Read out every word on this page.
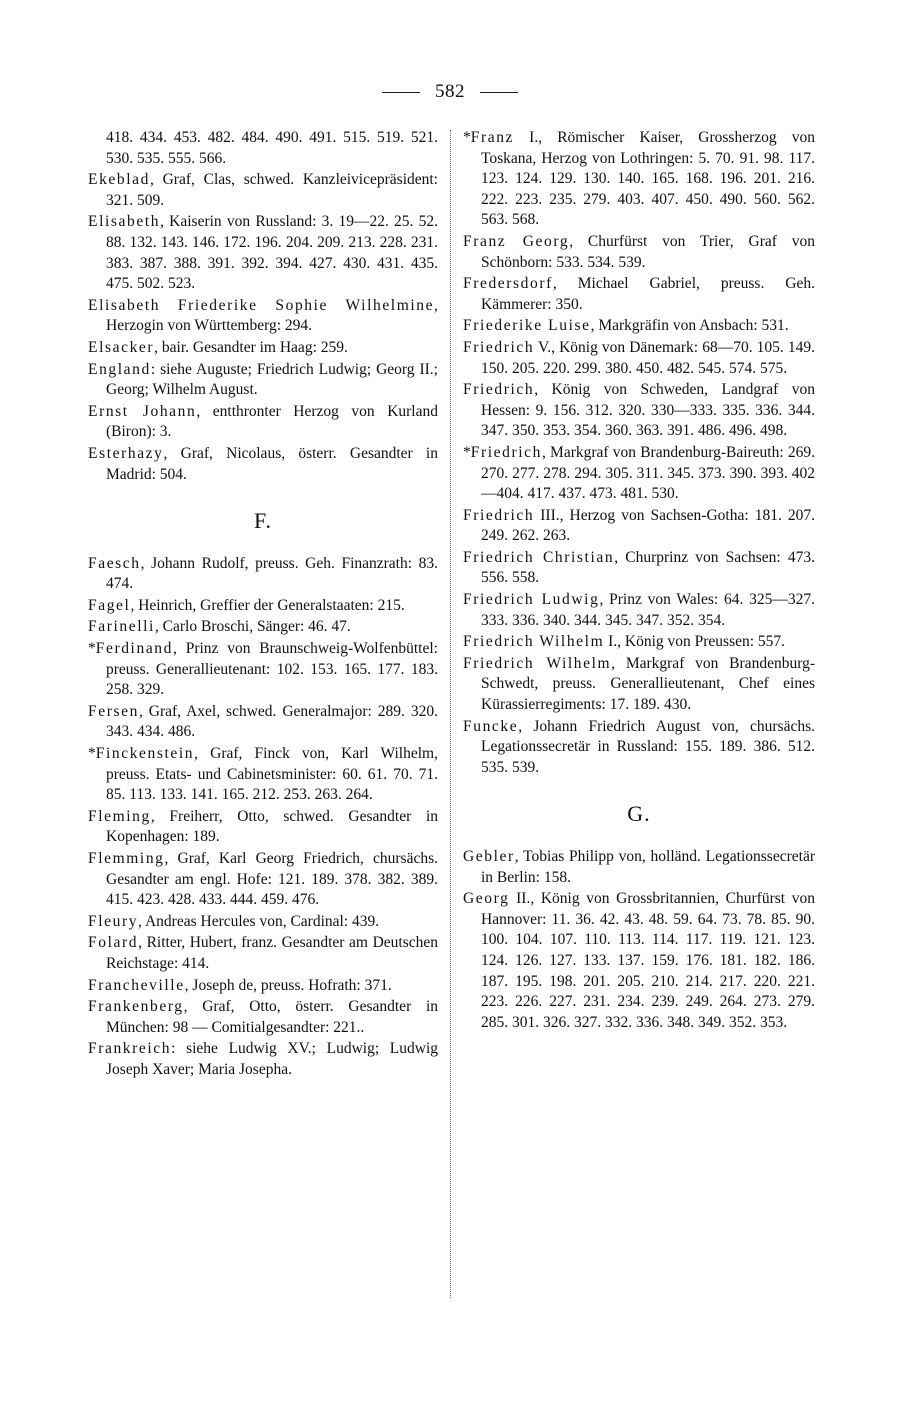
582
418. 434. 453. 482. 484. 490. 491. 515. 519. 521. 530. 535. 555. 566.
Ekeblad, Graf, Clas, schwed. Kanzleivicepräsident: 321. 509.
Elisabeth, Kaiserin von Russland: 3. 19—22. 25. 52. 88. 132. 143. 146. 172. 196. 204. 209. 213. 228. 231. 383. 387. 388. 391. 392. 394. 427. 430. 431. 435. 475. 502. 523.
Elisabeth Friederike Sophie Wilhelmine, Herzogin von Württemberg: 294.
Elsacker, bair. Gesandter im Haag: 259.
England: siehe Auguste; Friedrich Ludwig; Georg II.; Georg; Wilhelm August.
Ernst Johann, entthronter Herzog von Kurland (Biron): 3.
Esterhazy, Graf, Nicolaus, österr. Gesandter in Madrid: 504.
F.
Faesch, Johann Rudolf, preuss. Geh. Finanzrath: 83. 474.
Fagel, Heinrich, Greffier der Generalstaaten: 215.
Farinelli, Carlo Broschi, Sänger: 46. 47.
*Ferdinand, Prinz von Braunschweig-Wolfenbüttel: preuss. Generallieutenant: 102. 153. 165. 177. 183. 258. 329.
Fersen, Graf, Axel, schwed. Generalmajor: 289. 320. 343. 434. 486.
*Finckenstein, Graf, Finck von, Karl Wilhelm, preuss. Etats- und Cabinetsminister: 60. 61. 70. 71. 85. 113. 133. 141. 165. 212. 253. 263. 264.
Fleming, Freiherr, Otto, schwed. Gesandter in Kopenhagen: 189.
Flemming, Graf, Karl Georg Friedrich, chursächs. Gesandter am engl. Hofe: 121. 189. 378. 382. 389. 415. 423. 428. 433. 444. 459. 476.
Fleury, Andreas Hercules von, Cardinal: 439.
Folard, Ritter, Hubert, franz. Gesandter am Deutschen Reichstage: 414.
Francheville, Joseph de, preuss. Hofrath: 371.
Frankenberg, Graf, Otto, österr. Gesandter in München: 98 — Comitialgesandter: 221..
Frankreich: siehe Ludwig XV.; Ludwig; Ludwig Joseph Xaver; Maria Josepha.
*Franz I., Römischer Kaiser, Grossherzog von Toskana, Herzog von Lothringen: 5. 70. 91. 98. 117. 123. 124. 129. 130. 140. 165. 168. 196. 201. 216. 222. 223. 235. 279. 403. 407. 450. 490. 560. 562. 563. 568.
Franz Georg, Churfürst von Trier, Graf von Schönborn: 533. 534. 539.
Fredersdorf, Michael Gabriel, preuss. Geh. Kämmerer: 350.
Friederike Luise, Markgräfin von Ansbach: 531.
Friedrich V., König von Dänemark: 68—70. 105. 149. 150. 205. 220. 299. 380. 450. 482. 545. 574. 575.
Friedrich, König von Schweden, Landgraf von Hessen: 9. 156. 312. 320. 330—333. 335. 336. 344. 347. 350. 353. 354. 360. 363. 391. 486. 496. 498.
*Friedrich, Markgraf von Brandenburg-Baireuth: 269. 270. 277. 278. 294. 305. 311. 345. 373. 390. 393. 402—404. 417. 437. 473. 481. 530.
Friedrich III., Herzog von Sachsen-Gotha: 181. 207. 249. 262. 263.
Friedrich Christian, Churprinz von Sachsen: 473. 556. 558.
Friedrich Ludwig, Prinz von Wales: 64. 325—327. 333. 336. 340. 344. 345. 347. 352. 354.
Friedrich Wilhelm I., König von Preussen: 557.
Friedrich Wilhelm, Markgraf von Brandenburg-Schwedt, preuss. Generallieutenant, Chef eines Kürassierregiments: 17. 189. 430.
Funcke, Johann Friedrich August von, chursächs. Legationssecretär in Russland: 155. 189. 386. 512. 535. 539.
G.
Gebler, Tobias Philipp von, holländ. Legationssecretär in Berlin: 158.
Georg II., König von Grossbritannien, Churfürst von Hannover: 11. 36. 42. 43. 48. 59. 64. 73. 78. 85. 90. 100. 104. 107. 110. 113. 114. 117. 119. 121. 123. 124. 126. 127. 133. 137. 159. 176. 181. 182. 186. 187. 195. 198. 201. 205. 210. 214. 217. 220. 221. 223. 226. 227. 231. 234. 239. 249. 264. 273. 279. 285. 301. 326. 327. 332. 336. 348. 349. 352. 353.
